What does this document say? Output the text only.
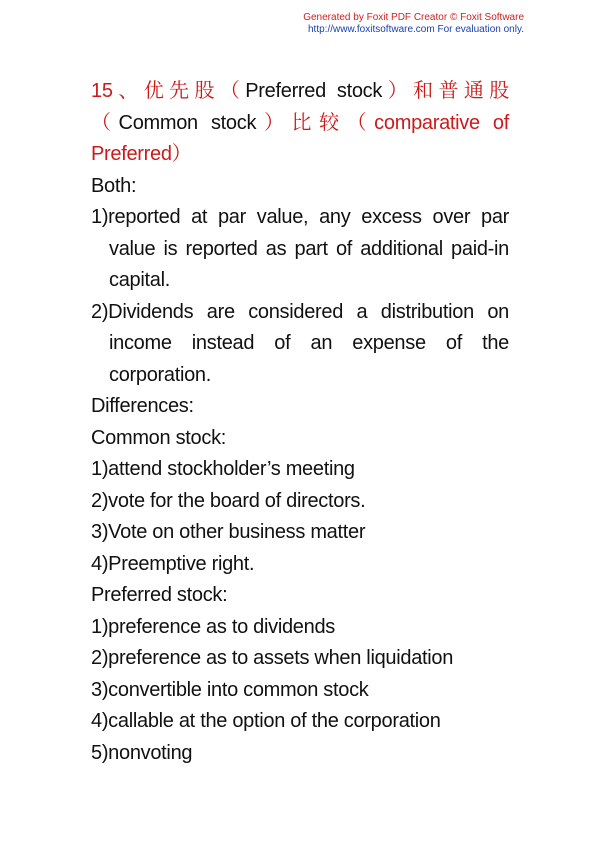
Generated by Foxit PDF Creator © Foxit Software
http://www.foxitsoftware.com For evaluation only.
15、优先股（Preferred stock）和普通股（Common stock）比较（comparative of Preferred）

Both:

1)reported at par value, any excess over par value is reported as part of additional paid-in capital.

2)Dividends are considered a distribution on income instead of an expense of the corporation.

Differences:

Common stock:

1)attend stockholder’s meeting

2)vote for the board of directors.

3)Vote on other business matter

4)Preemptive right.

Preferred stock:

1)preference as to dividends

2)preference as to assets when liquidation

3)convertible into common stock

4)callable at the option of the corporation

5)nonvoting
